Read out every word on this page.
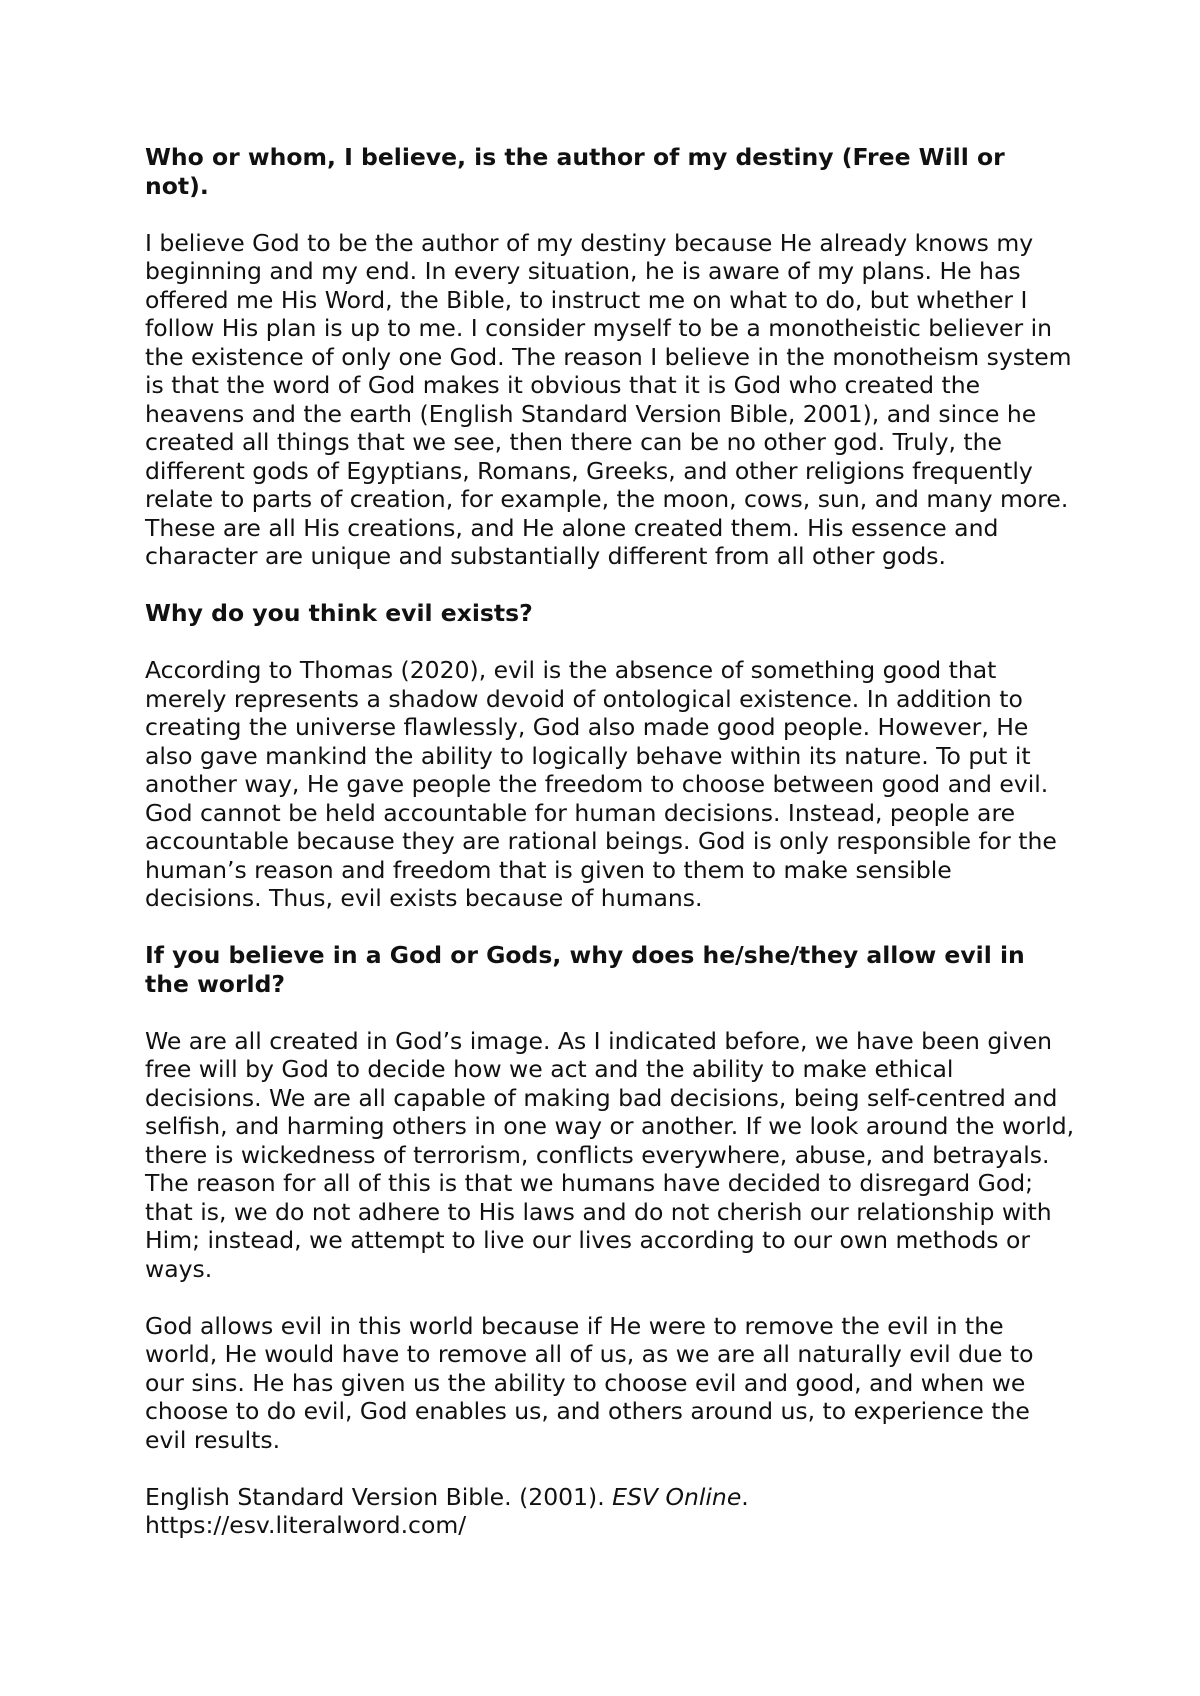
Who or whom, I believe, is the author of my destiny (Free Will or not).

I believe God to be the author of my destiny because He already knows my beginning and my end. In every situation, he is aware of my plans. He has offered me His Word, the Bible, to instruct me on what to do, but whether I follow His plan is up to me. I consider myself to be a monotheistic believer in the existence of only one God. The reason I believe in the monotheism system is that the word of God makes it obvious that it is God who created the heavens and the earth (English Standard Version Bible, 2001), and since he created all things that we see, then there can be no other god. Truly, the different gods of Egyptians, Romans, Greeks, and other religions frequently relate to parts of creation, for example, the moon, cows, sun, and many more. These are all His creations, and He alone created them. His essence and character are unique and substantially different from all other gods.

Why do you think evil exists?

According to Thomas (2020), evil is the absence of something good that merely represents a shadow devoid of ontological existence. In addition to creating the universe flawlessly, God also made good people. However, He also gave mankind the ability to logically behave within its nature. To put it another way, He gave people the freedom to choose between good and evil. God cannot be held accountable for human decisions. Instead, people are accountable because they are rational beings. God is only responsible for the human’s reason and freedom that is given to them to make sensible decisions. Thus, evil exists because of humans.

If you believe in a God or Gods, why does he/she/they allow evil in the world?

We are all created in God’s image. As I indicated before, we have been given free will by God to decide how we act and the ability to make ethical decisions. We are all capable of making bad decisions, being self-centred and selfish, and harming others in one way or another. If we look around the world, there is wickedness of terrorism, conflicts everywhere, abuse, and betrayals. The reason for all of this is that we humans have decided to disregard God; that is, we do not adhere to His laws and do not cherish our relationship with Him; instead, we attempt to live our lives according to our own methods or ways.

God allows evil in this world because if He were to remove the evil in the world, He would have to remove all of us, as we are all naturally evil due to our sins. He has given us the ability to choose evil and good, and when we choose to do evil, God enables us, and others around us, to experience the evil results.

English Standard Version Bible. (2001). ESV Online.
https://esv.literalword.com/
